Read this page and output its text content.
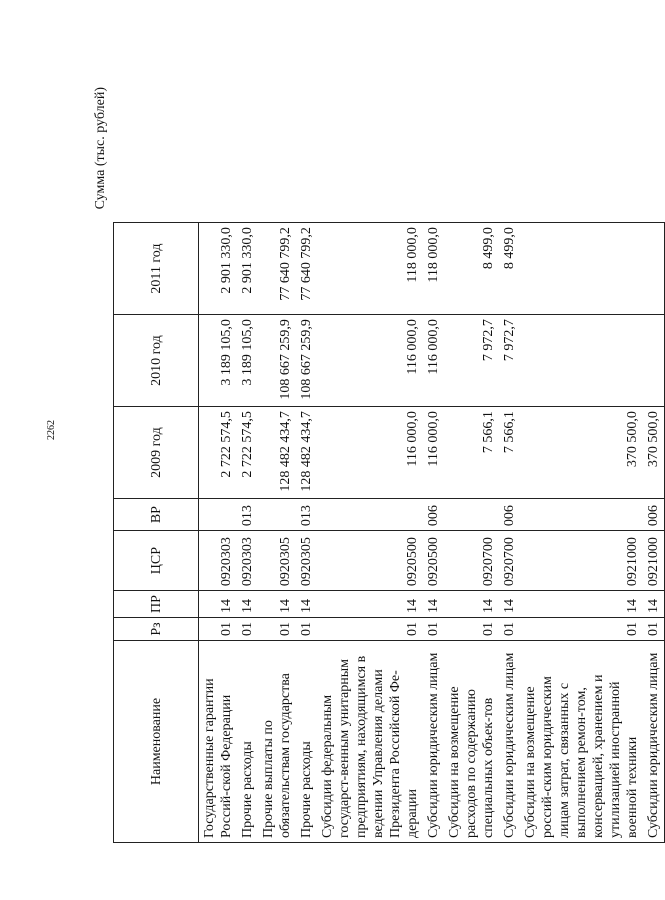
2262
Сумма (тыс. рублей)
Наименование	Рз	ПР	ЦСР	ВР	2009 год	2010 год	2011 год
Государственные гарантии Россий-ской Федерации	01	14	0920303		2 722 574,5	3 189 105,0	2 901 330,0
Прочие расходы	01	14	0920303	013	2 722 574,5	3 189 105,0	2 901 330,0
Прочие выплаты по обязательствам государства	01	14	0920305		128 482 434,7	108 667 259,9	77 640 799,2
Прочие расходы	01	14	0920305	013	128 482 434,7	108 667 259,9	77 640 799,2
Субсидии федеральным государст-венным унитарным предприятиям, находящимся в ведении Управления делами Президента Российской Фе-дерации	01	14	0920500		116 000,0	116 000,0	118 000,0
Субсидии юридическим лицам	01	14	0920500	006	116 000,0	116 000,0	118 000,0
Субсидии на возмещение расходов по содержанию специальных объек-тов	01	14	0920700		7 566,1	7 972,7	8 499,0
Субсидии юридическим лицам	01	14	0920700	006	7 566,1	7 972,7	8 499,0
Субсидии на возмещение россий-ским юридическим лицам затрат, связанных с выполнением ремон-том, консервацией, хранением и утилизацией иностранной военной техники	01	14	0921000		370 500,0		
Субсидии юридическим лицам	01	14	0921000	006	370 500,0		
